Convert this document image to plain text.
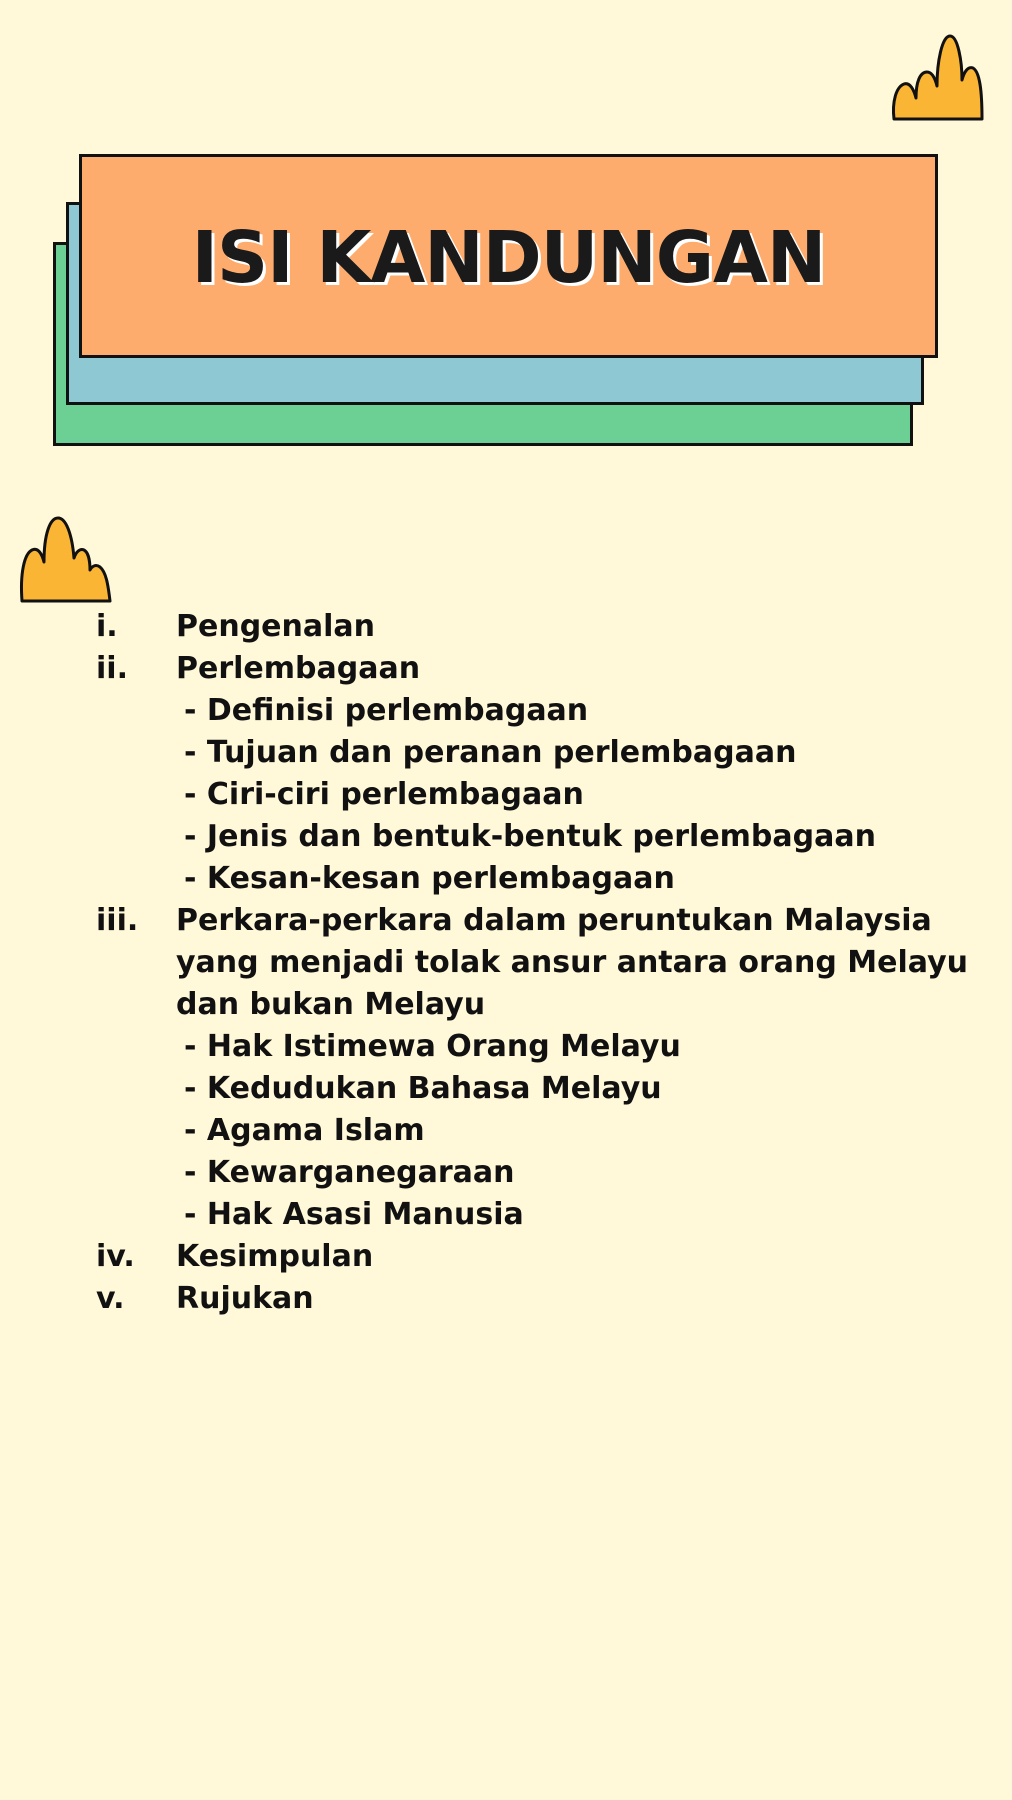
ISI KANDUNGAN
i. Pengenalan
ii. Perlembagaan
- Definisi perlembagaan
- Tujuan dan peranan perlembagaan
- Ciri-ciri perlembagaan
- Jenis dan bentuk-bentuk perlembagaan
- Kesan-kesan perlembagaan
iii. Perkara-perkara dalam peruntukan Malaysia yang menjadi tolak ansur antara orang Melayu dan bukan Melayu
- Hak Istimewa Orang Melayu
- Kedudukan Bahasa Melayu
- Agama Islam
- Kewarganegaraan
- Hak Asasi Manusia
iv. Kesimpulan
v. Rujukan
